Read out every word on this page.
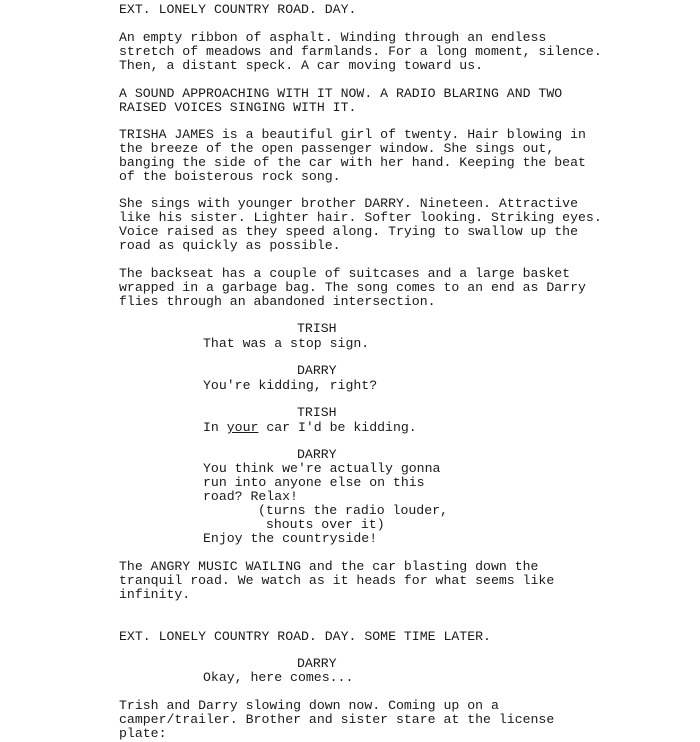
EXT. LONELY COUNTRY ROAD. DAY.
An empty ribbon of asphalt. Winding through an endless
stretch of meadows and farmlands. For a long moment, silence.
Then, a distant speck. A car moving toward us.
A SOUND APPROACHING WITH IT NOW. A RADIO BLARING AND TWO
RAISED VOICES SINGING WITH IT.
TRISHA JAMES is a beautiful girl of twenty. Hair blowing in
the breeze of the open passenger window. She sings out,
banging the side of the car with her hand. Keeping the beat
of the boisterous rock song.
She sings with younger brother DARRY. Nineteen. Attractive
like his sister. Lighter hair. Softer looking. Striking eyes.
Voice raised as they speed along. Trying to swallow up the
road as quickly as possible.
The backseat has a couple of suitcases and a large basket
wrapped in a garbage bag. The song comes to an end as Darry
flies through an abandoned intersection.
TRISH
That was a stop sign.
DARRY
You're kidding, right?
TRISH
In your car I'd be kidding.
DARRY
You think we're actually gonna
run into anyone else on this
road? Relax!
(turns the radio louder,
shouts over it)
Enjoy the countryside!
The ANGRY MUSIC WAILING and the car blasting down the
tranquil road. We watch as it heads for what seems like
infinity.
EXT. LONELY COUNTRY ROAD. DAY. SOME TIME LATER.
DARRY
Okay, here comes...
Trish and Darry slowing down now. Coming up on a
camper/trailer. Brother and sister stare at the license
plate:
